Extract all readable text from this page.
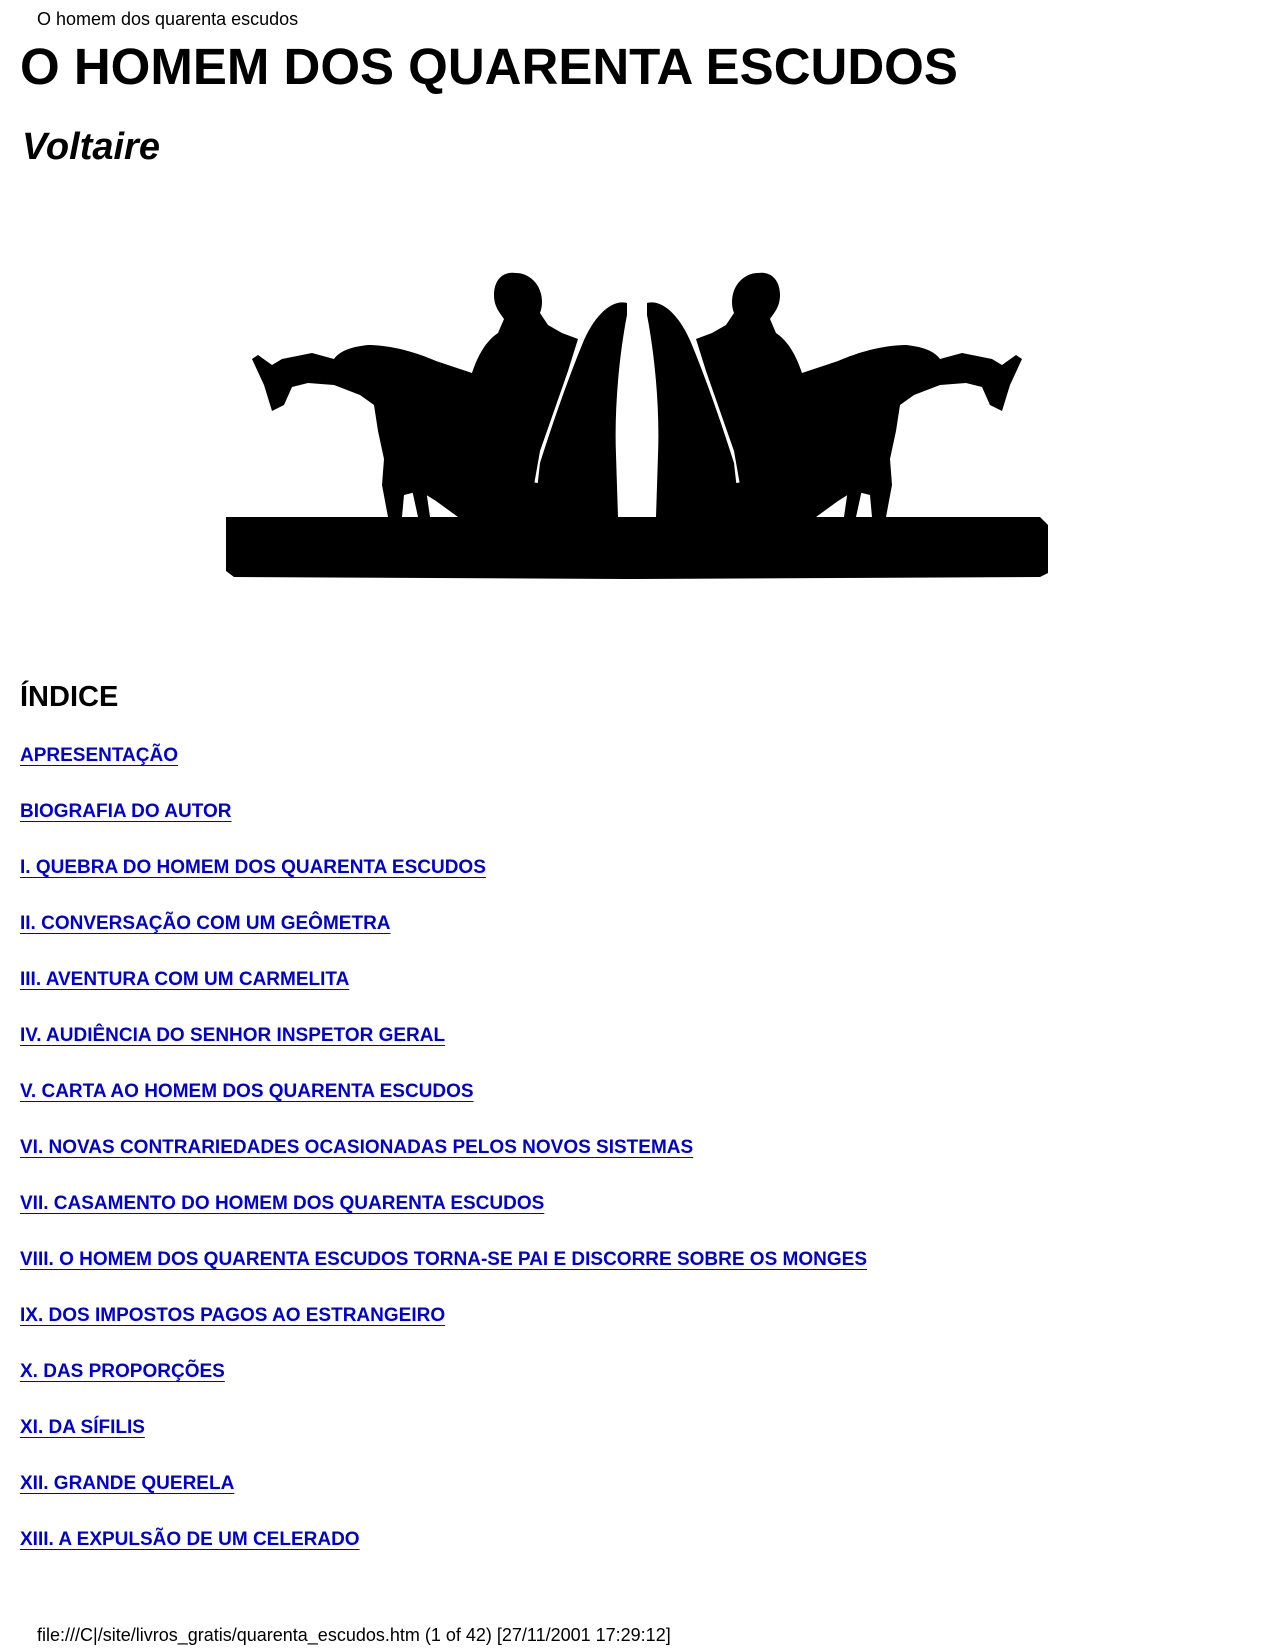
O homem dos quarenta escudos
O HOMEM DOS QUARENTA ESCUDOS
Voltaire
ÍNDICE
APRESENTAÇÃO
BIOGRAFIA DO AUTOR
I. QUEBRA DO HOMEM DOS QUARENTA ESCUDOS
II. CONVERSAÇÃO COM UM GEÔMETRA
III. AVENTURA COM UM CARMELITA
IV. AUDIÊNCIA DO SENHOR INSPETOR GERAL
V. CARTA AO HOMEM DOS QUARENTA ESCUDOS
VI. NOVAS CONTRARIEDADES OCASIONADAS PELOS NOVOS SISTEMAS
VII. CASAMENTO DO HOMEM DOS QUARENTA ESCUDOS
VIII. O HOMEM DOS QUARENTA ESCUDOS TORNA-SE PAI E DISCORRE SOBRE OS MONGES
IX. DOS IMPOSTOS PAGOS AO ESTRANGEIRO
X. DAS PROPORÇÕES
XI. DA SÍFILIS
XII. GRANDE QUERELA
XIII. A EXPULSÃO DE UM CELERADO
file:///C|/site/livros_gratis/quarenta_escudos.htm (1 of 42) [27/11/2001 17:29:12]
